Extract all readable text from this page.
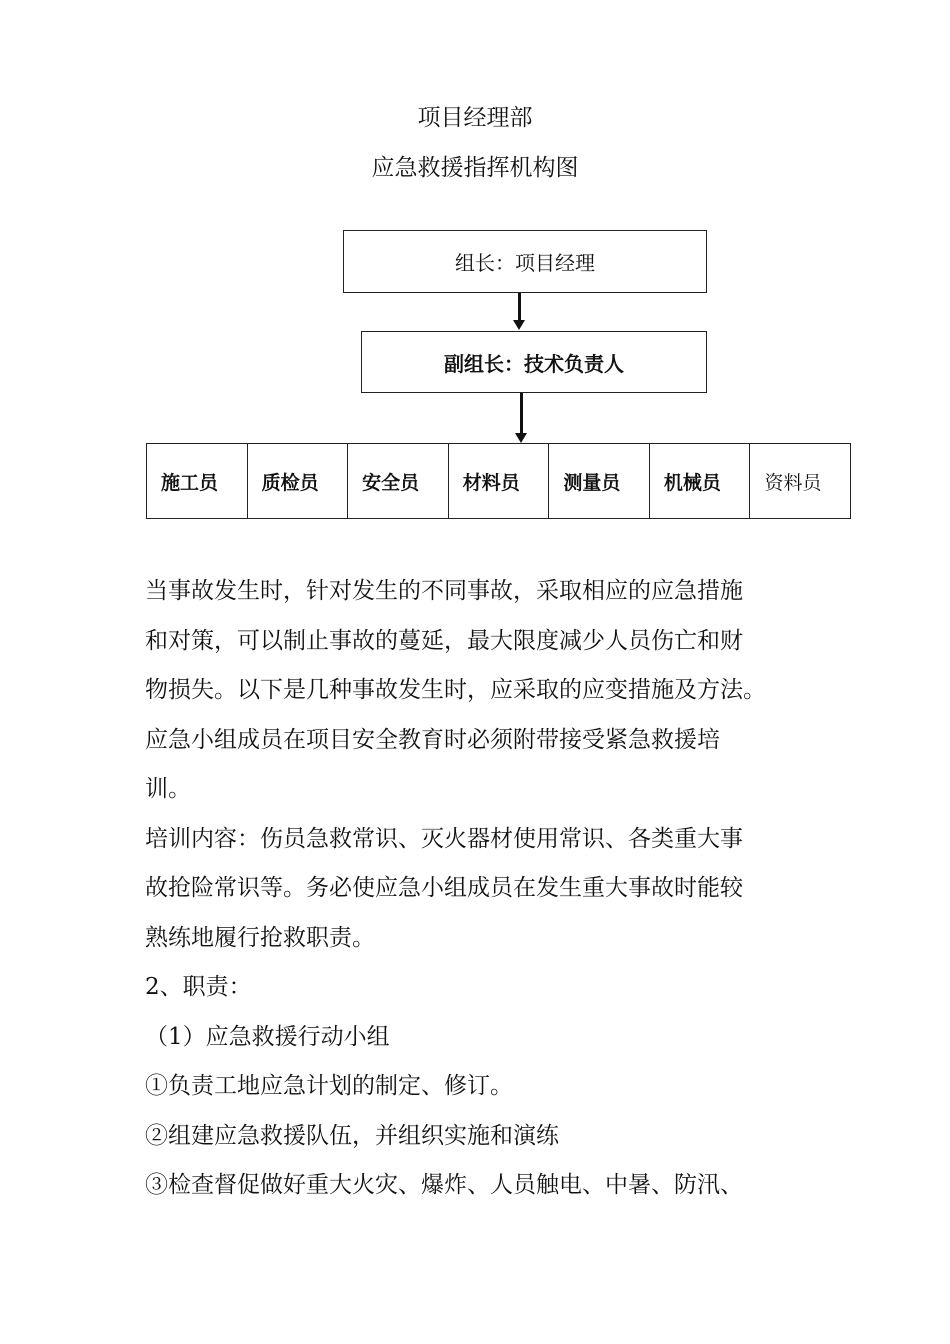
项目经理部
应急救援指挥机构图
组长：项目经理
副组长：技术负责人
施工员	质检员	安全员	材料员	测量员	机械员	资料员

当事故发生时，针对发生的不同事故，采取相应的应急措施

和对策，可以制止事故的蔓延，最大限度减少人员伤亡和财

物损失。以下是几种事故发生时，应采取的应变措施及方法。

应急小组成员在项目安全教育时必须附带接受紧急救援培

训。

培训内容：伤员急救常识、灭火器材使用常识、各类重大事

故抢险常识等。务必使应急小组成员在发生重大事故时能较

熟练地履行抢救职责。

2、职责：

（1）应急救援行动小组

①负责工地应急计划的制定、修订。

②组建应急救援队伍，并组织实施和演练

③检查督促做好重大火灾、爆炸、人员触电、中暑、防汛、
